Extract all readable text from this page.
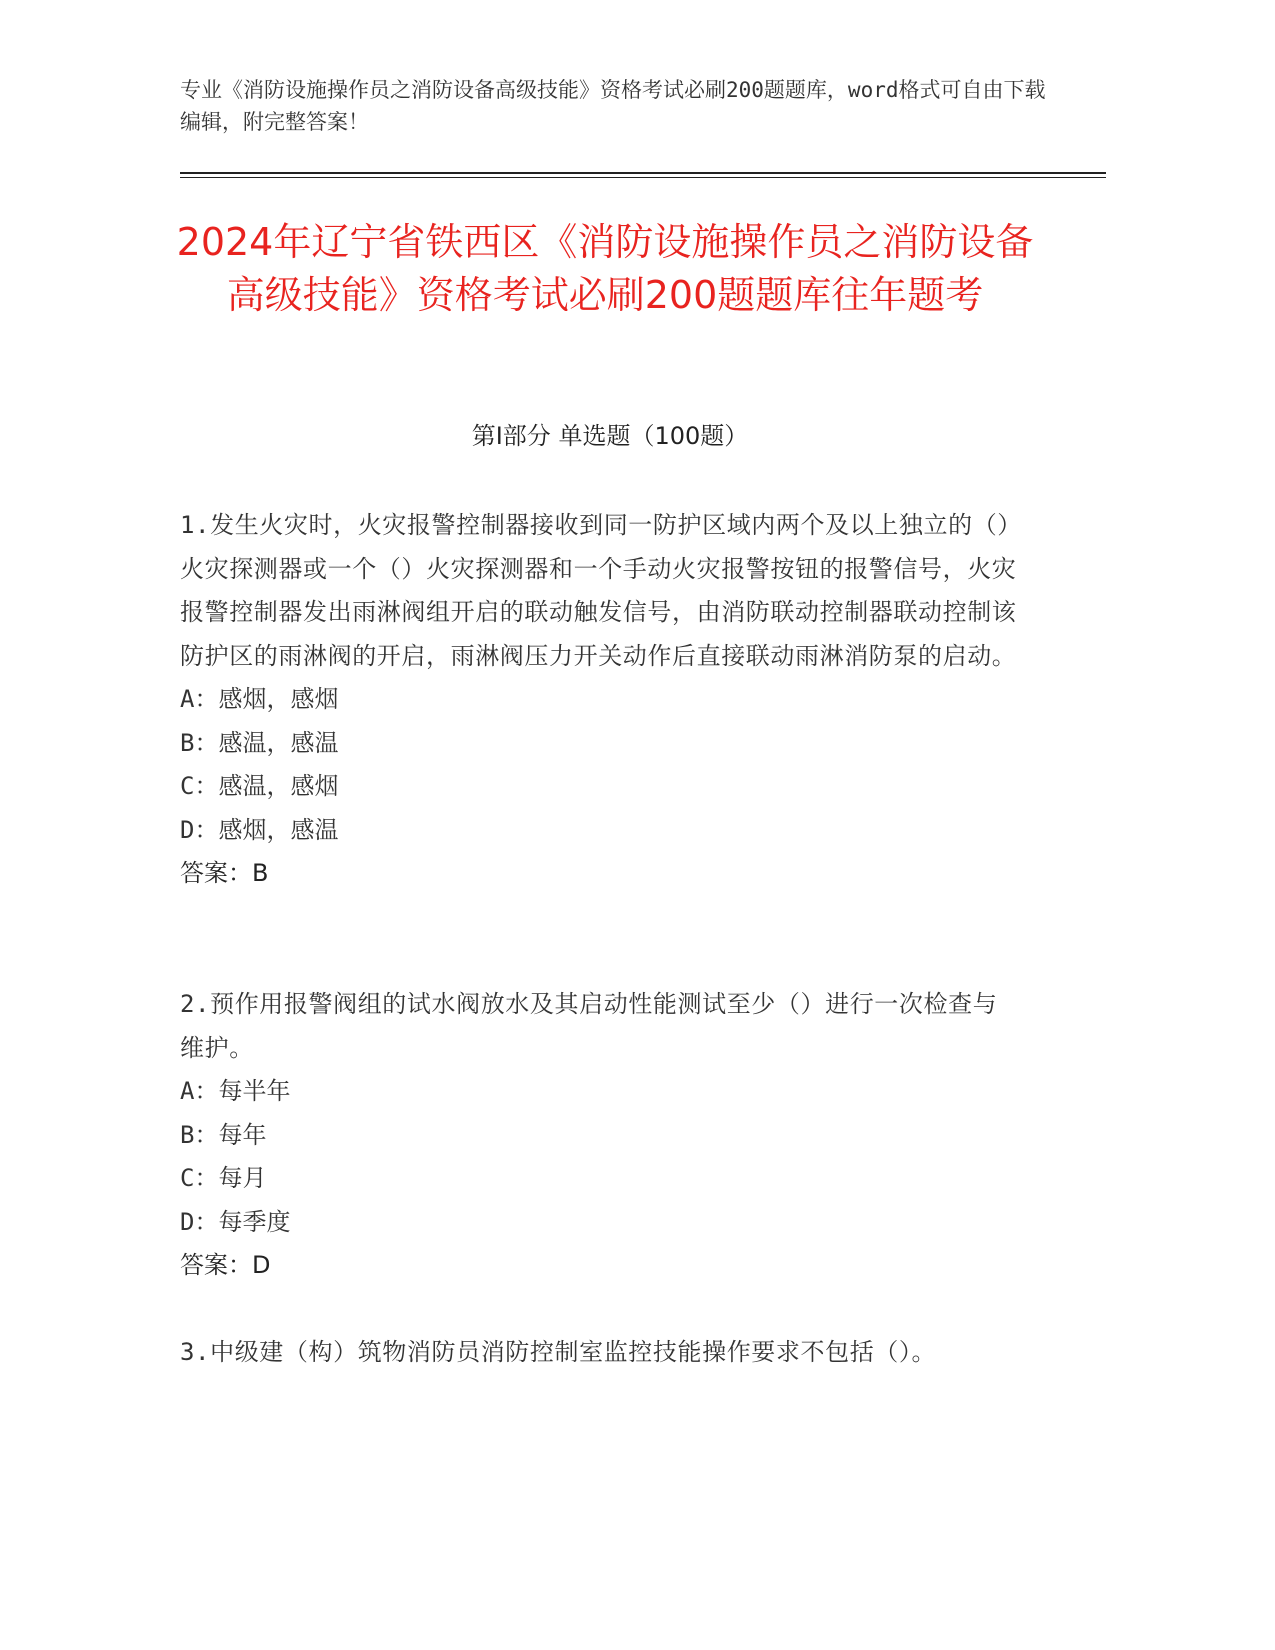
专业《消防设施操作员之消防设备高级技能》资格考试必刷200题题库，word格式可自由下载编辑，附完整答案！

2024年辽宁省铁西区《消防设施操作员之消防设备高级技能》资格考试必刷200题题库往年题考
第Ⅰ部分 单选题（100题）

1.发生火灾时，火灾报警控制器接收到同一防护区域内两个及以上独立的（）火灾探测器或一个（）火灾探测器和一个手动火灾报警按钮的报警信号，火灾报警控制器发出雨淋阀组开启的联动触发信号，由消防联动控制器联动控制该防护区的雨淋阀的开启，雨淋阀压力开关动作后直接联动雨淋消防泵的启动。

A：感烟，感烟
B：感温，感温
C：感温，感烟
D：感烟，感温

答案：B

2.预作用报警阀组的试水阀放水及其启动性能测试至少（）进行一次检查与维护。

A：每半年
B：每年
C：每月
D：每季度

答案：D

3.中级建（构）筑物消防员消防控制室监控技能操作要求不包括（）。
